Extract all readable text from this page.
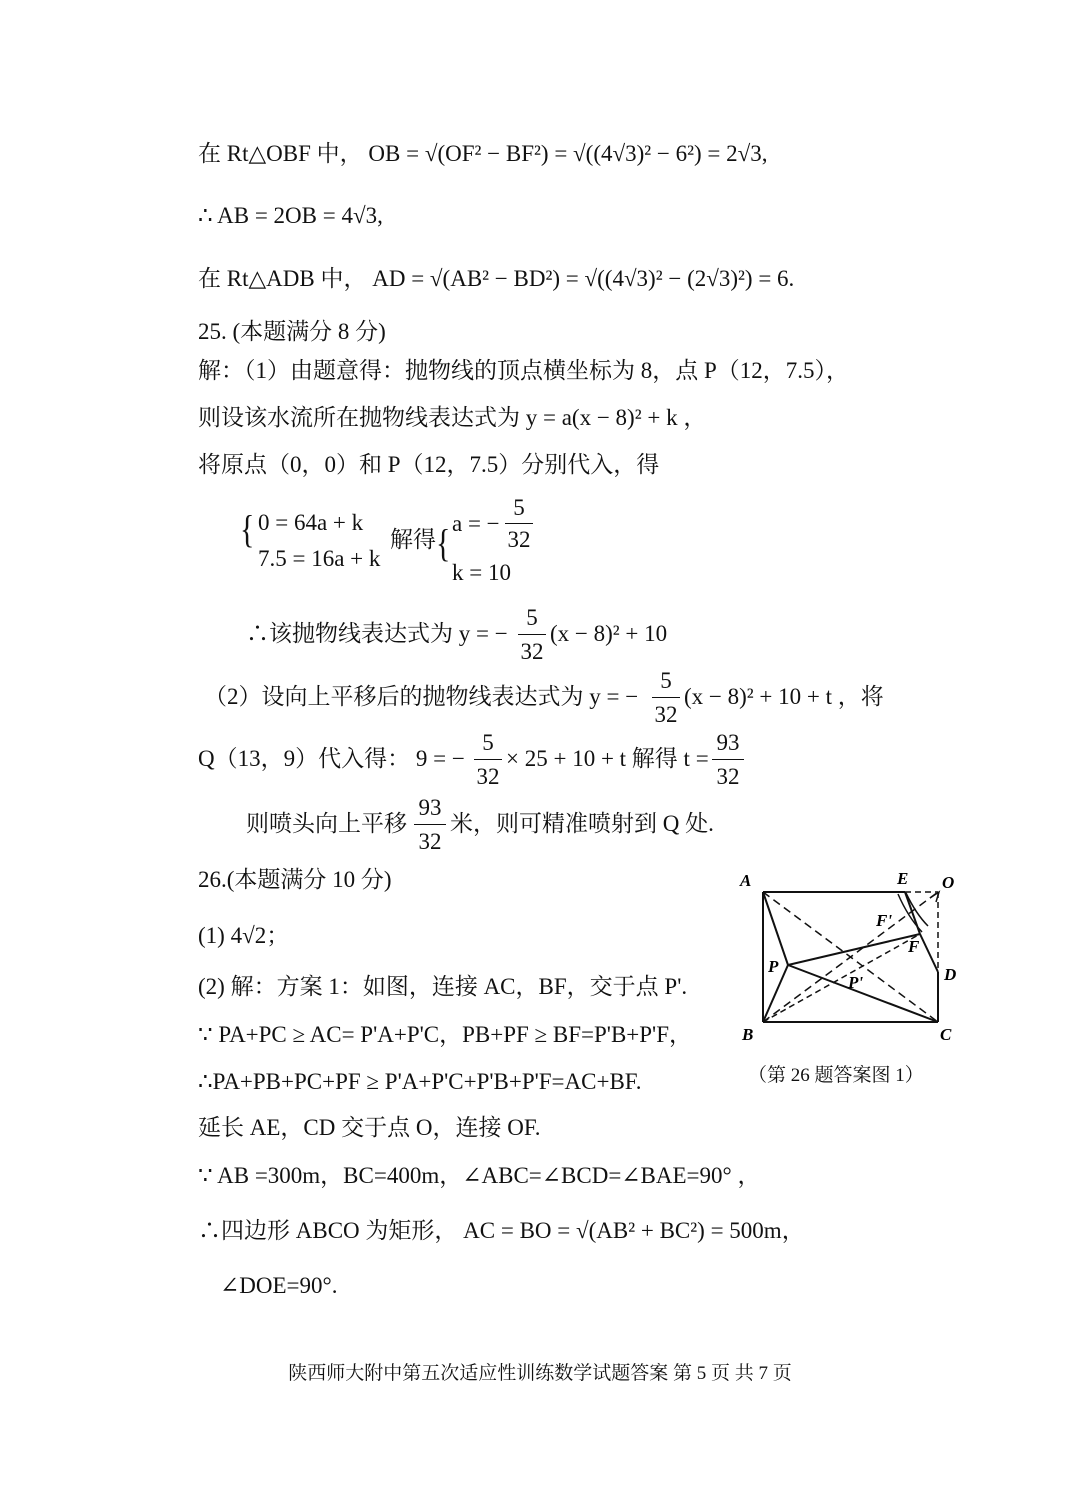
在 Rt△OBF 中， OB = √(OF² − BF²) = √((4√3)² − 6²) = 2√3,
∴ AB = 2OB = 4√3,
在 Rt△ADB 中， AD = √(AB² − BD²) = √((4√3)² − (2√3)²) = 6.
25. (本题满分 8 分)
解：（1）由题意得：抛物线的顶点横坐标为 8，点 P（12，7.5），
则设该水流所在抛物线表达式为 y = a(x − 8)² + k ，
将原点（0，0）和 P（12，7.5）分别代入，得
{ 0 = 64a + k
7.5 = 16a + k
解得 { a = −
5
32
k = 10
∴该抛物线表达式为 y = −
5
32
(x − 8)² + 10
（2）设向上平移后的抛物线表达式为 y = −
5
32
(x − 8)² + 10 + t ，将
Q（13，9）代入得： 9 = −
5
32
× 25 + 10 + t 解得 t =
93
32
则喷头向上平移
93
32
米，则可精准喷射到 Q 处.
26.(本题满分 10 分)
(1) 4√2；
(2) 解：方案 1：如图，连接 AC，BF，交于点 P'.
∵ PA+PC ≥ AC= P'A+P'C，PB+PF ≥ BF=P'B+P'F，
∴PA+PB+PC+PF ≥ P'A+P'C+P'B+P'F=AC+BF.
延长 AE，CD 交于点 O，连接 OF.
∵ AB =300m，BC=400m，∠ABC=∠BCD=∠BAE=90° ，
∴四边形 ABCO 为矩形， AC = BO = √(AB² + BC²) = 500m，
∠DOE=90°.
A
B	C
D
E O
P
F
F'
P'
（第 26 题答案图 1）
陕西师大附中第五次适应性训练数学试题答案 第 5 页 共 7 页
